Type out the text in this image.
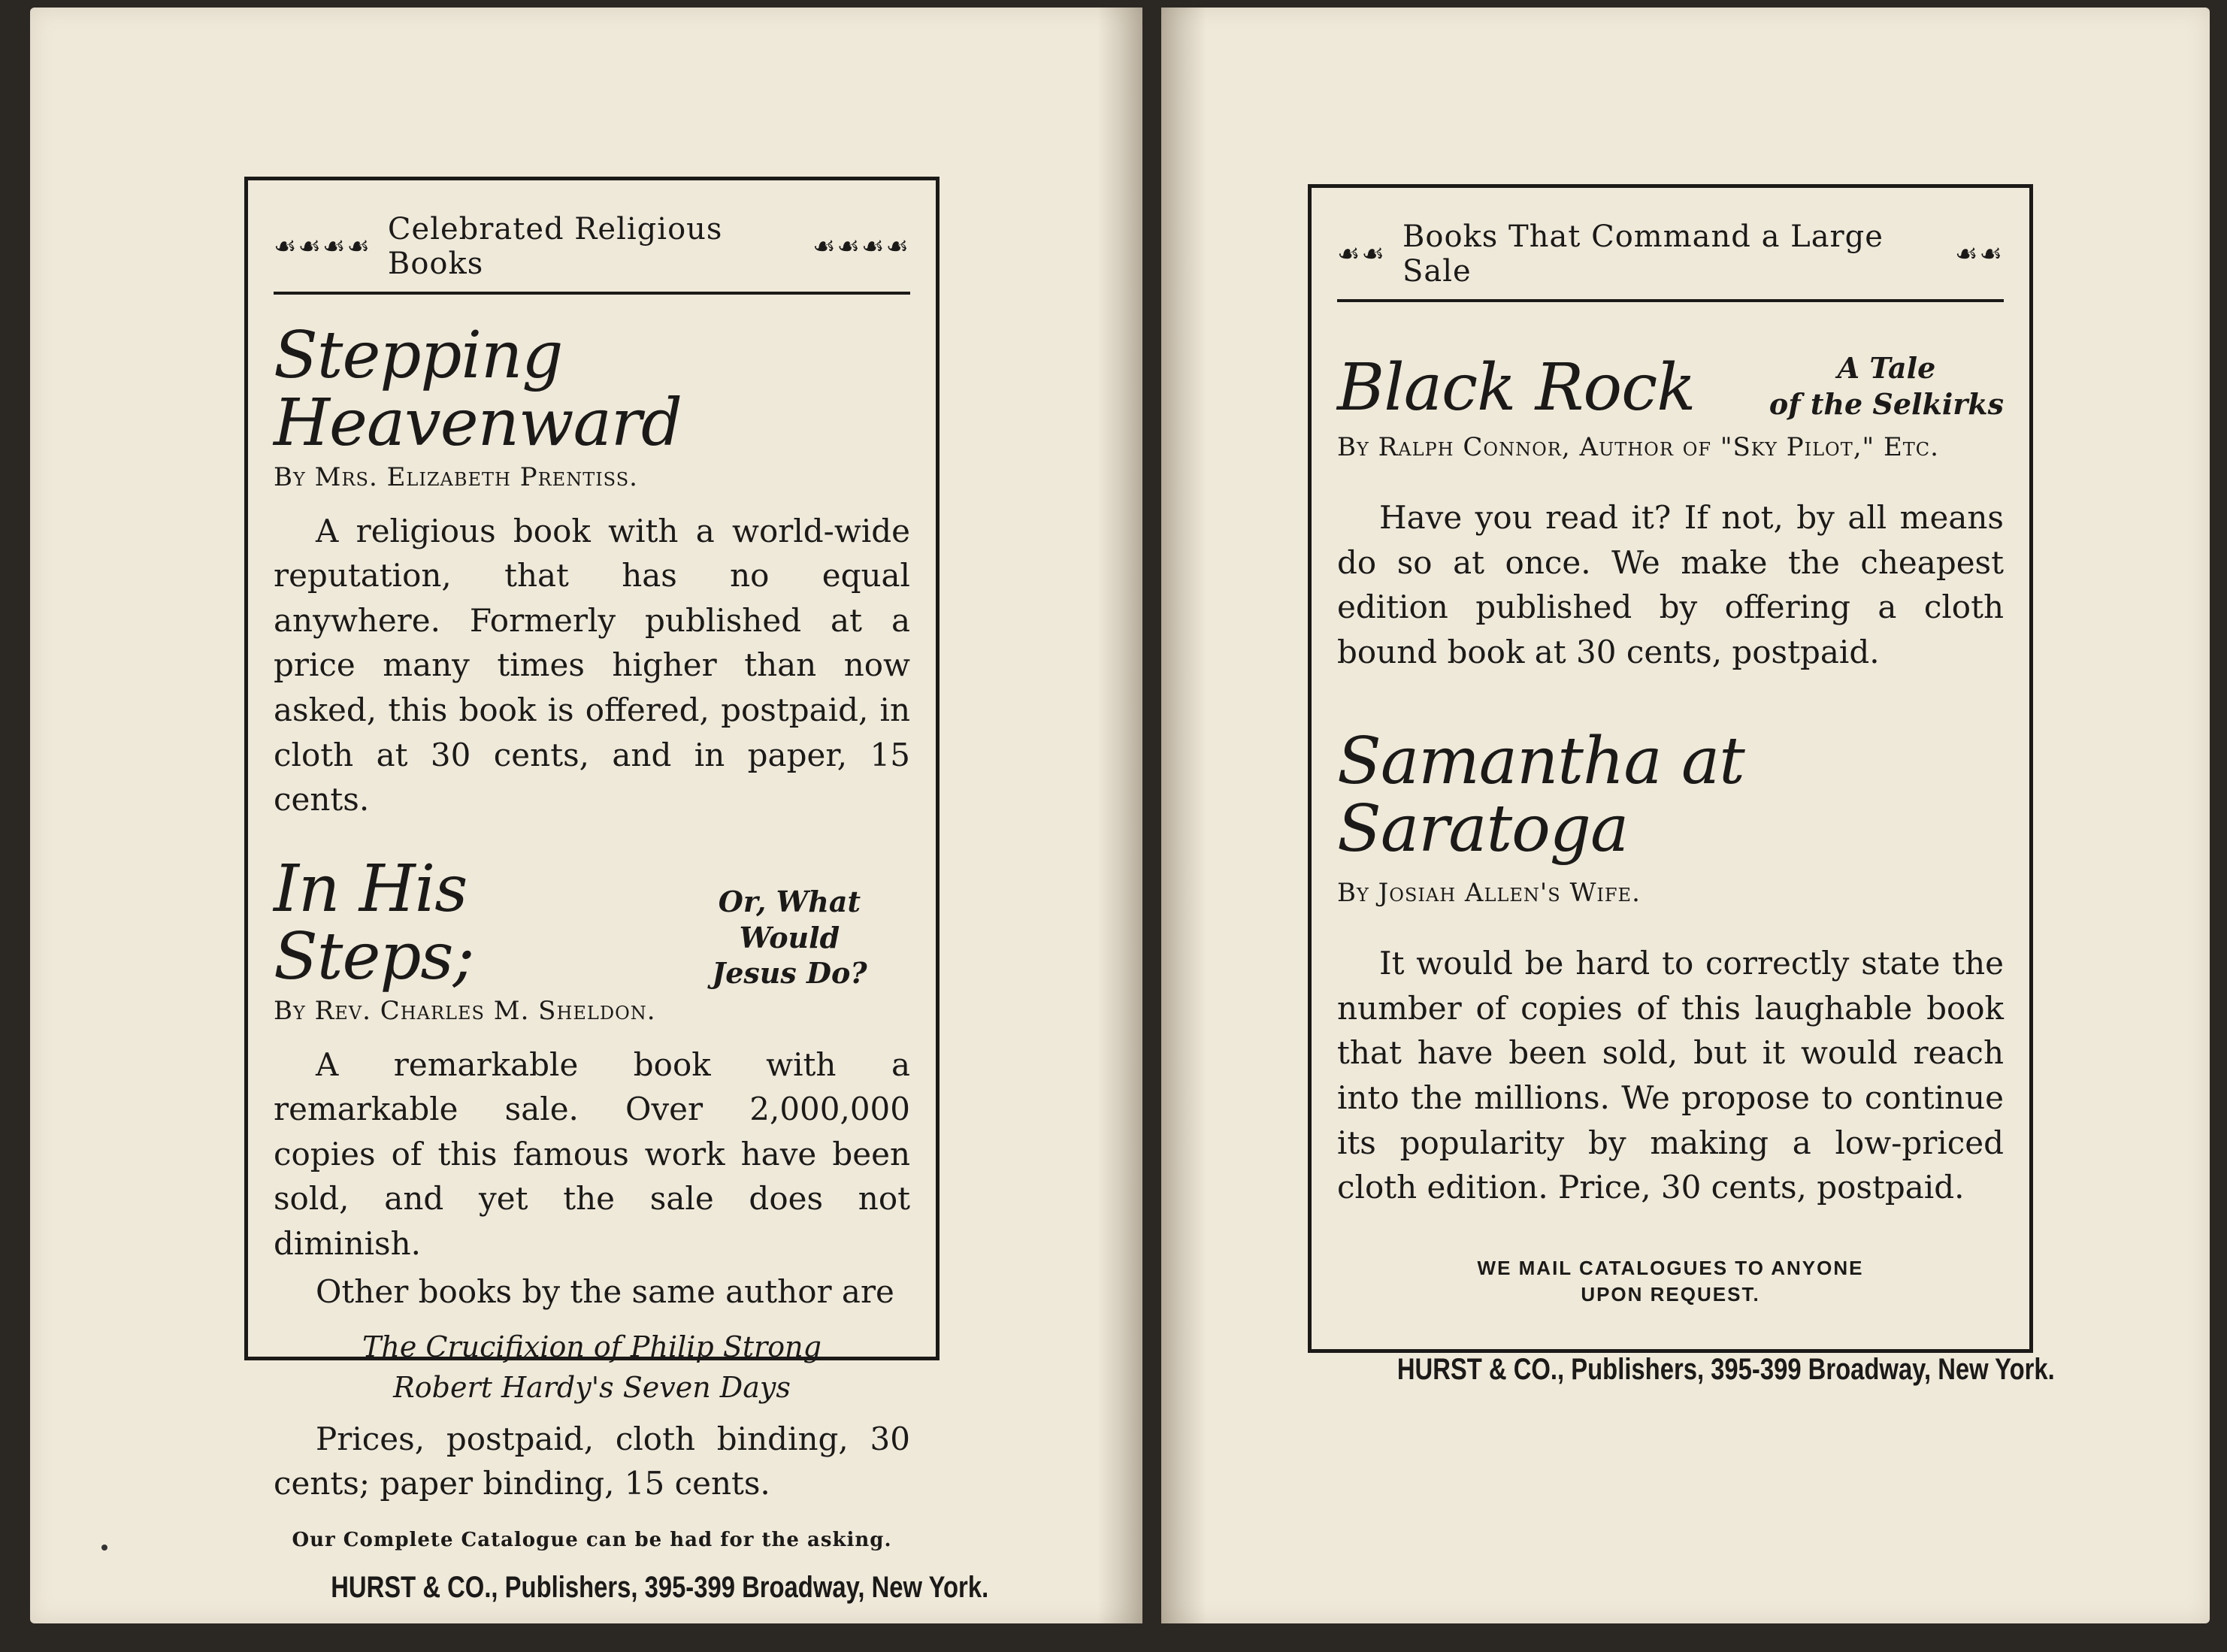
☙☙☙☙ Celebrated Religious Books	☙☙☙☙
Stepping Heavenward
By Mrs. Elizabeth Prentiss.
A religious book with a world-wide reputation, that has no equal anywhere. Formerly published at a price many times higher than now asked, this book is offered, postpaid, in cloth at 30 cents, and in paper, 15 cents.
In His Steps;
Or, What Would
Jesus Do?
By Rev. Charles M. Sheldon.
A remarkable book with a remarkable sale. Over 2,000,000 copies of this famous work have been sold, and yet the sale does not diminish.
Other books by the same author are
The Crucifixion of Philip Strong
Robert Hardy's Seven Days
Prices, postpaid, cloth binding, 30 cents; paper binding, 15 cents.
Our Complete Catalogue can be had for the asking.
HURST & CO., Publishers, 395-399 Broadway, New York.
☙☙ Books That Command a Large Sale	☙☙
Black Rock	A Tale
of the Selkirks
By Ralph Connor, Author of "Sky Pilot," Etc.
Have you read it? If not, by all means do so at once. We make the cheapest edition published by offering a cloth bound book at 30 cents, postpaid.
Samantha at Saratoga
By Josiah Allen's Wife.
It would be hard to correctly state the number of copies of this laughable book that have been sold, but it would reach into the millions. We propose to continue its popularity by making a low-priced cloth edition. Price, 30 cents, postpaid.
WE MAIL CATALOGUES TO ANYONE
UPON REQUEST.
HURST & CO., Publishers, 395-399 Broadway, New York.
